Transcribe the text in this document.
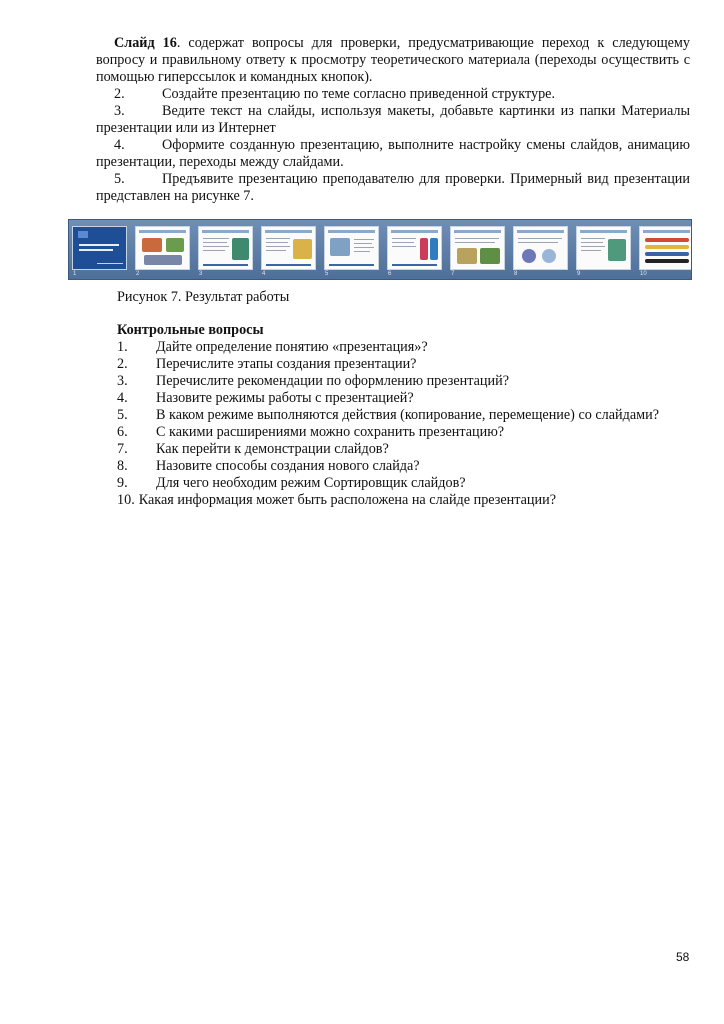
Слайд 16. содержат вопросы для проверки, предусматривающие переход к следующему вопросу и правильному ответу к просмотру теоретического материала (переходы осуществить с помощью гиперссылок и командных кнопок).

2.	Создайте презентацию по теме согласно приведенной структуре.

3.	Ведите текст на слайды, используя макеты, добавьте картинки из папки Материалы презентации или из Интернет

4.	Оформите созданную презентацию, выполните настройку смены слайдов, анимацию презентации, переходы между слайдами.

5.	Предъявите презентацию преподавателю для проверки. Примерный вид презентации представлен на рисунке 7.

1	2	3	4	5	6	7	8	9	10
Рисунок 7. Результат работы
Контрольные вопросы
1. Дайте определение понятию «презентация»?
2. Перечислите этапы создания презентации?
3. Перечислите рекомендации по оформлению презентаций?
4. Назовите режимы работы с презентацией?
5. В каком режиме выполняются действия (копирование, перемещение) со слайдами?
6. С какими расширениями можно сохранить презентацию?
7. Как перейти к демонстрации слайдов?
8. Назовите способы создания нового слайда?
9. Для чего необходим режим Сортировщик слайдов?
10. Какая информация может быть расположена на слайде презентации?
58
